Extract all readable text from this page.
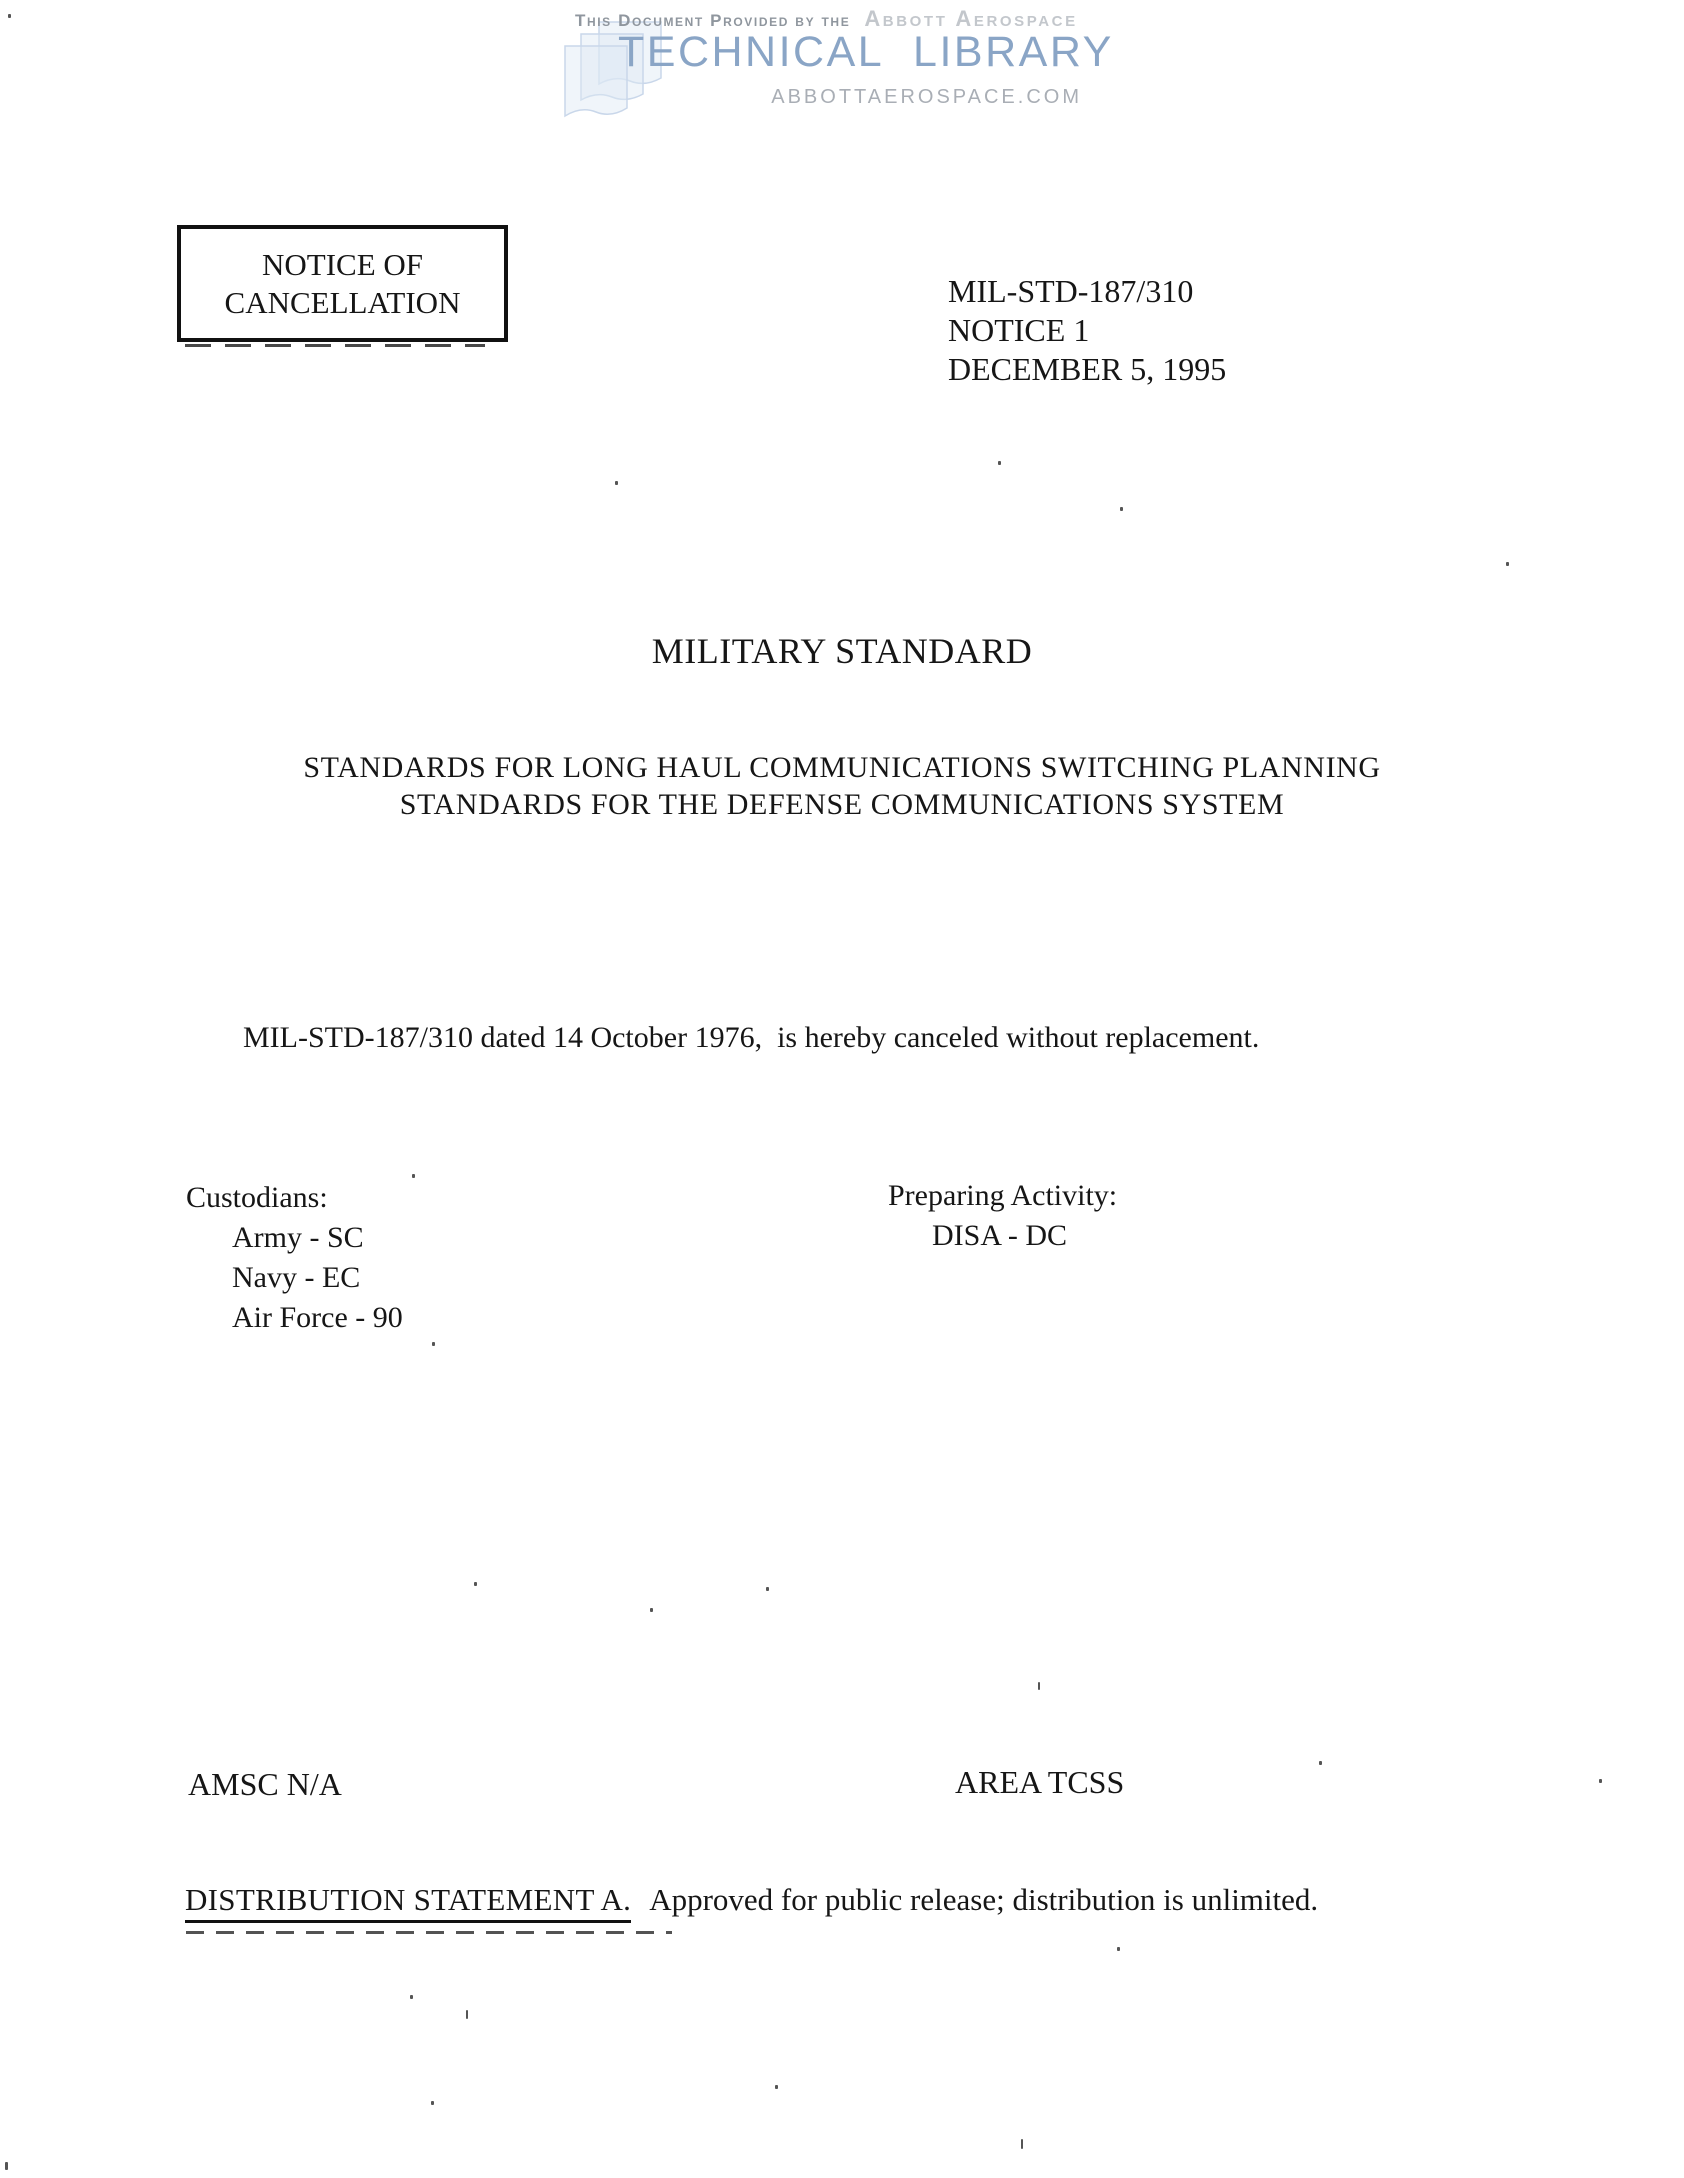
This Document Provided by the Abbott Aerospace
TECHNICAL LIBRARY
ABBOTTAEROSPACE.COM
NOTICE OF
CANCELLATION	MIL-STD-187/310
NOTICE 1
DECEMBER 5, 1995
MILITARY STANDARD
STANDARDS FOR LONG HAUL COMMUNICATIONS SWITCHING PLANNING
STANDARDS FOR THE DEFENSE COMMUNICATIONS SYSTEM
MIL-STD-187/310 dated 14 October 1976,  is hereby canceled without replacement.
Custodians:
Army - SC
Navy - EC
Air Force - 90
Preparing Activity:
DISA - DC
AMSC N/A	AREA TCSS
DISTRIBUTION STATEMENT A. Approved for public release; distribution is unlimited.
